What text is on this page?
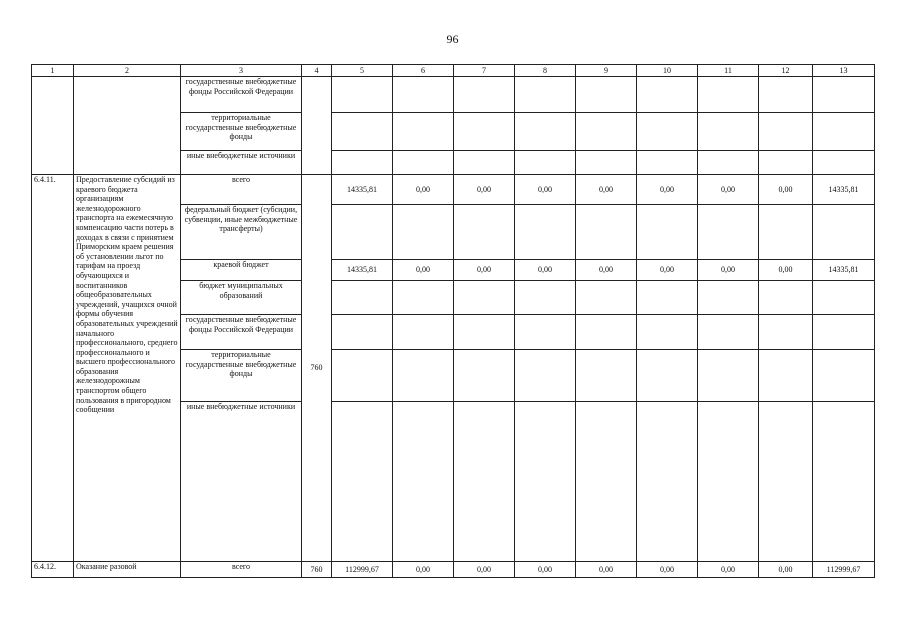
96
1	2	3	4	5	6	7	8	9	10	11	12	13
		государственные внебюджетные фонды Российской Федерации										
		территориальные государственные внебюджетные фонды										
		иные внебюджетные источники										
6.4.11.	Предоставление субсидий из краевого бюджета организациям железнодорожного транспорта на ежемесячную компенсацию части потерь в доходах в связи с принятием Приморским краем решения об установлении льгот по тарифам на проезд обучающихся и воспитанников общеобразовательных учреждений, учащихся очной формы обучения образовательных учреждений начального профессионального, среднего профессионального и высшего профессионального образования железнодорожным транспортом общего пользования в пригородном сообщении	всего	760	14335,81	0,00	0,00	0,00	0,00	0,00	0,00	0,00	14335,81
		федеральный бюджет (субсидии, субвенции, иные межбюджетные трансферты)										
		краевой бюджет		14335,81	0,00	0,00	0,00	0,00	0,00	0,00	0,00	14335,81
		бюджет муниципальных образований										
		государственные внебюджетные фонды Российской Федерации										
		территориальные государственные внебюджетные фонды										
		иные внебюджетные источники										
6.4.12.	Оказание разовой	всего	760	112999,67	0,00	0,00	0,00	0,00	0,00	0,00	0,00	112999,67
